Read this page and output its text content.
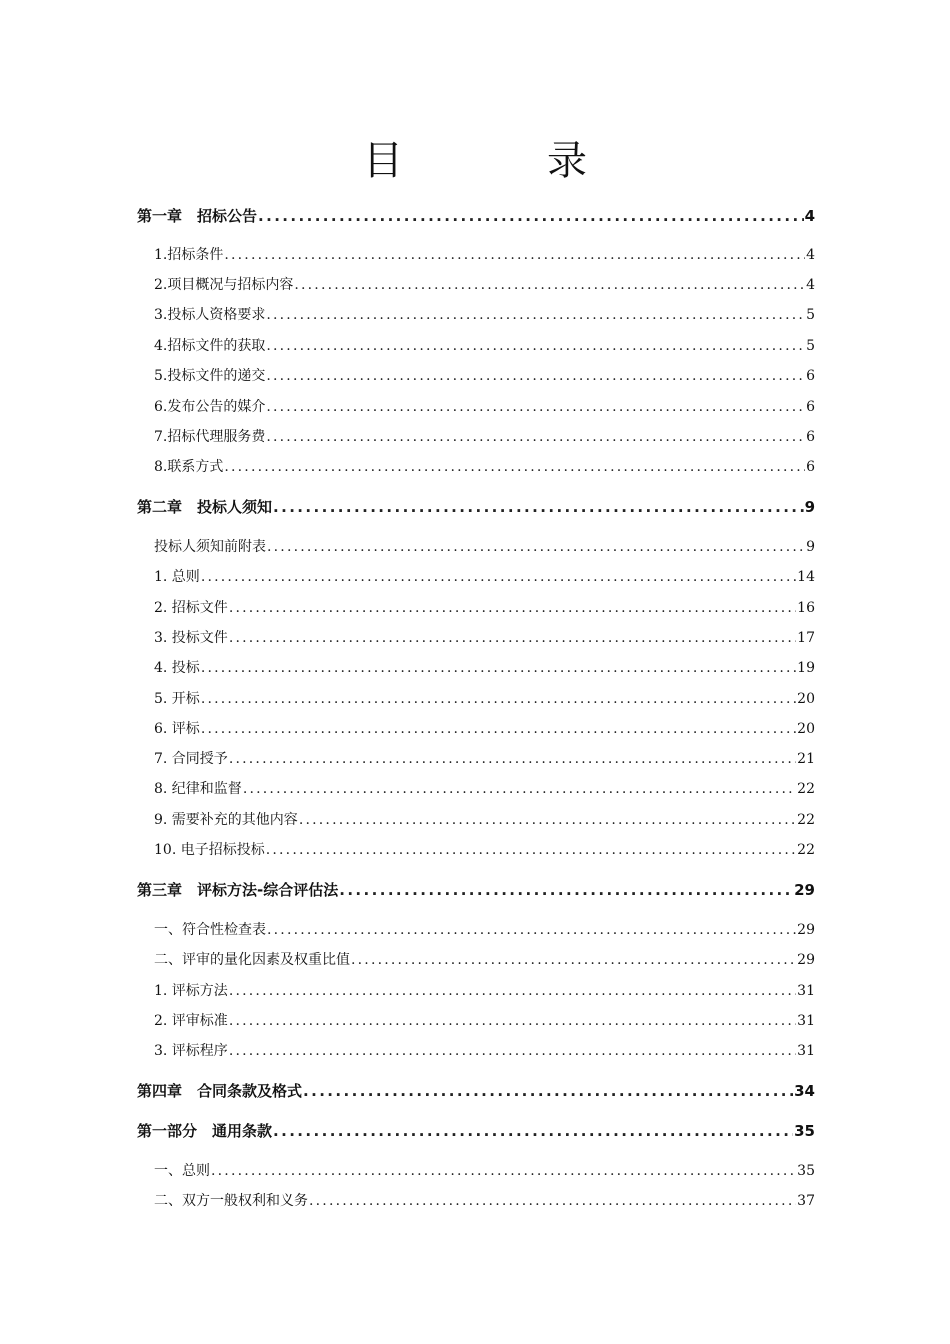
目　录
第一章　招标公告 .....	4
1.招标条件 .....	4
2.项目概况与招标内容 .....	4
3.投标人资格要求 .....	5
4.招标文件的获取 .....	5
5.投标文件的递交 .....	6
6.发布公告的媒介 .....	6
7.招标代理服务费 .....	6
8.联系方式 .....	6
第二章　投标人须知 .....	9
投标人须知前附表 .....	9
1. 总则 .....	14
2. 招标文件 .....	16
3. 投标文件 .....	17
4. 投标 .....	19
5. 开标 .....	20
6. 评标 .....	20
7. 合同授予 .....	21
8. 纪律和监督 .....	22
9. 需要补充的其他内容 .....	22
10. 电子招标投标 .....	22
第三章　评标方法-综合评估法 .....	29
一、符合性检查表 .....	29
二、评审的量化因素及权重比值 .....	29
1. 评标方法 .....	31
2. 评审标准 .....	31
3. 评标程序 .....	31
第四章　合同条款及格式 .....	34
第一部分　通用条款 .....	35
一、总则 .....	35
二、双方一般权利和义务 .....	37
